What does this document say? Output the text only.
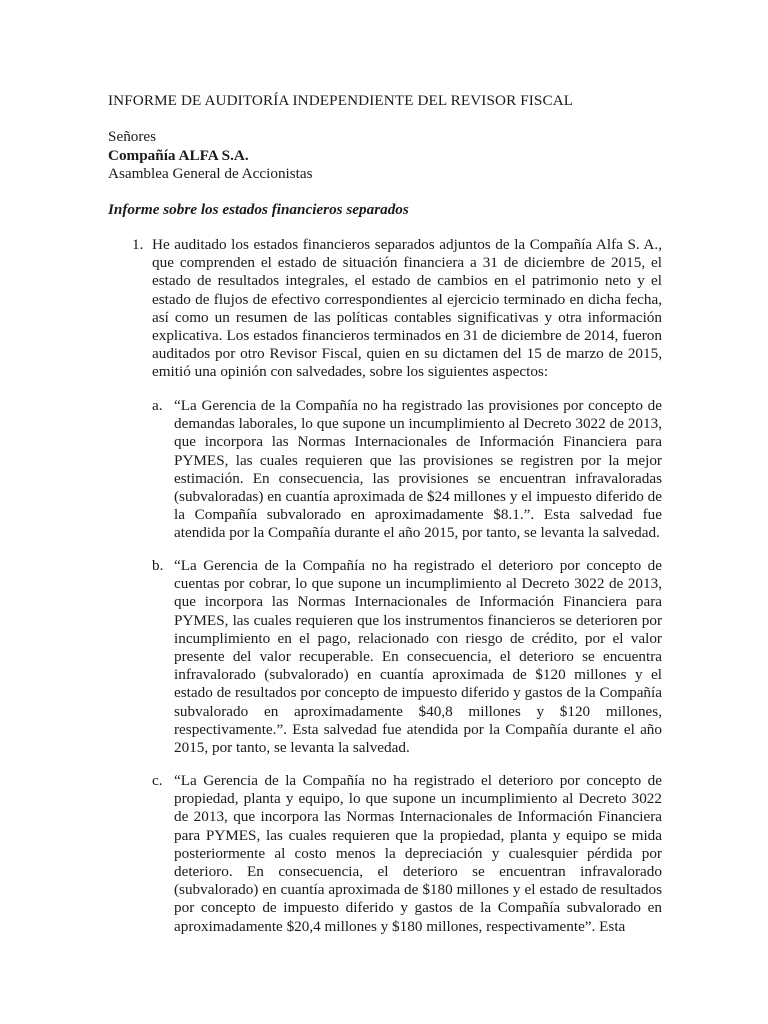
INFORME DE AUDITORÍA INDEPENDIENTE DEL REVISOR FISCAL
Señores
Compañía ALFA S.A.
Asamblea General de Accionistas
Informe sobre los estados financieros separados
1. He auditado los estados financieros separados adjuntos de la Compañía Alfa S. A., que comprenden el estado de situación financiera a 31 de diciembre de 2015, el estado de resultados integrales, el estado de cambios en el patrimonio neto y el estado de flujos de efectivo correspondientes al ejercicio terminado en dicha fecha, así como un resumen de las políticas contables significativas y otra información explicativa. Los estados financieros terminados en 31 de diciembre de 2014, fueron auditados por otro Revisor Fiscal, quien en su dictamen del 15 de marzo de 2015, emitió una opinión con salvedades, sobre los siguientes aspectos:
a. “La Gerencia de la Compañía no ha registrado las provisiones por concepto de demandas laborales, lo que supone un incumplimiento al Decreto 3022 de 2013, que incorpora las Normas Internacionales de Información Financiera para PYMES, las cuales requieren que las provisiones se registren por la mejor estimación. En consecuencia, las provisiones se encuentran infravaloradas (subvaloradas) en cuantía aproximada de $24 millones y el impuesto diferido de la Compañía subvalorado en aproximadamente $8.1.”. Esta salvedad fue atendida por la Compañía durante el año 2015, por tanto, se levanta la salvedad.
b. “La Gerencia de la Compañía no ha registrado el deterioro por concepto de cuentas por cobrar, lo que supone un incumplimiento al Decreto 3022 de 2013, que incorpora las Normas Internacionales de Información Financiera para PYMES, las cuales requieren que los instrumentos financieros se deterioren por incumplimiento en el pago, relacionado con riesgo de crédito, por el valor presente del valor recuperable. En consecuencia, el deterioro se encuentra infravalorado (subvalorado) en cuantía aproximada de $120 millones y el estado de resultados por concepto de impuesto diferido y gastos de la Compañía subvalorado en aproximadamente $40,8 millones y $120 millones, respectivamente.”. Esta salvedad fue atendida por la Compañía durante el año 2015, por tanto, se levanta la salvedad.
c. “La Gerencia de la Compañía no ha registrado el deterioro por concepto de propiedad, planta y equipo, lo que supone un incumplimiento al Decreto 3022 de 2013, que incorpora las Normas Internacionales de Información Financiera para PYMES, las cuales requieren que la propiedad, planta y equipo se mida posteriormente al costo menos la depreciación y cualesquier pérdida por deterioro. En consecuencia, el deterioro se encuentran infravalorado (subvalorado) en cuantía aproximada de $180 millones y el estado de resultados por concepto de impuesto diferido y gastos de la Compañía subvalorado en aproximadamente $20,4 millones y $180 millones, respectivamente”. Esta
